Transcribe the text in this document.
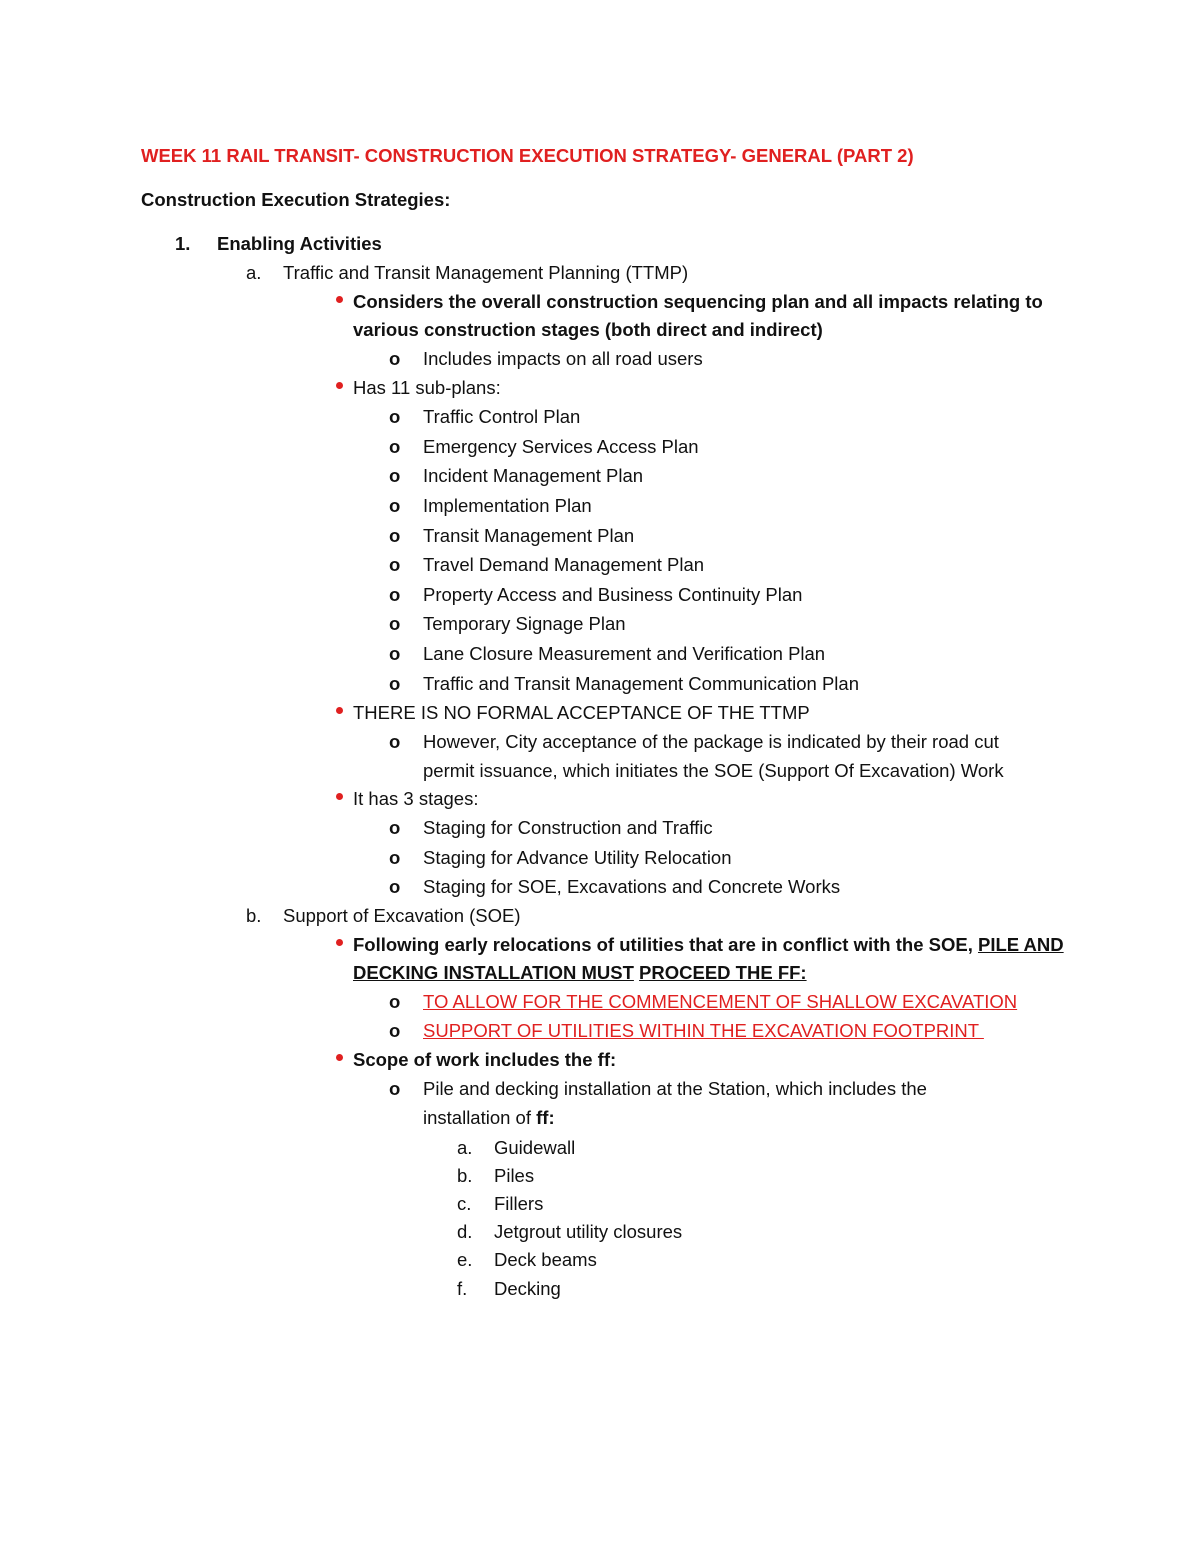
WEEK 11 RAIL TRANSIT- CONSTRUCTION EXECUTION STRATEGY- GENERAL (PART 2)
Construction Execution Strategies:
1. Enabling Activities
a. Traffic and Transit Management Planning (TTMP)
Considers the overall construction sequencing plan and all impacts relating to
various construction stages (both direct and indirect)
o Includes impacts on all road users
Has 11 sub-plans:
o Traffic Control Plan
o Emergency Services Access Plan
o Incident Management Plan
o Implementation Plan
o Transit Management Plan
o Travel Demand Management Plan
o Property Access and Business Continuity Plan
o Temporary Signage Plan
o Lane Closure Measurement and Verification Plan
o Traffic and Transit Management Communication Plan
THERE IS NO FORMAL ACCEPTANCE OF THE TTMP
o However, City acceptance of the package is indicated by their road cut
permit issuance, which initiates the SOE (Support Of Excavation) Work
It has 3 stages:
o Staging for Construction and Traffic
o Staging for Advance Utility Relocation
o Staging for SOE, Excavations and Concrete Works
b. Support of Excavation (SOE)
Following early relocations of utilities that are in conflict with the SOE, PILE AND
DECKING INSTALLATION MUST PROCEED THE FF:
o TO ALLOW FOR THE COMMENCEMENT OF SHALLOW EXCAVATION
o SUPPORT OF UTILITIES WITHIN THE EXCAVATION FOOTPRINT
Scope of work includes the ff:
o Pile and decking installation at the Station, which includes the
installation of ff:
a. Guidewall
b. Piles
c. Fillers
d. Jetgrout utility closures
e. Deck beams
f. Decking
